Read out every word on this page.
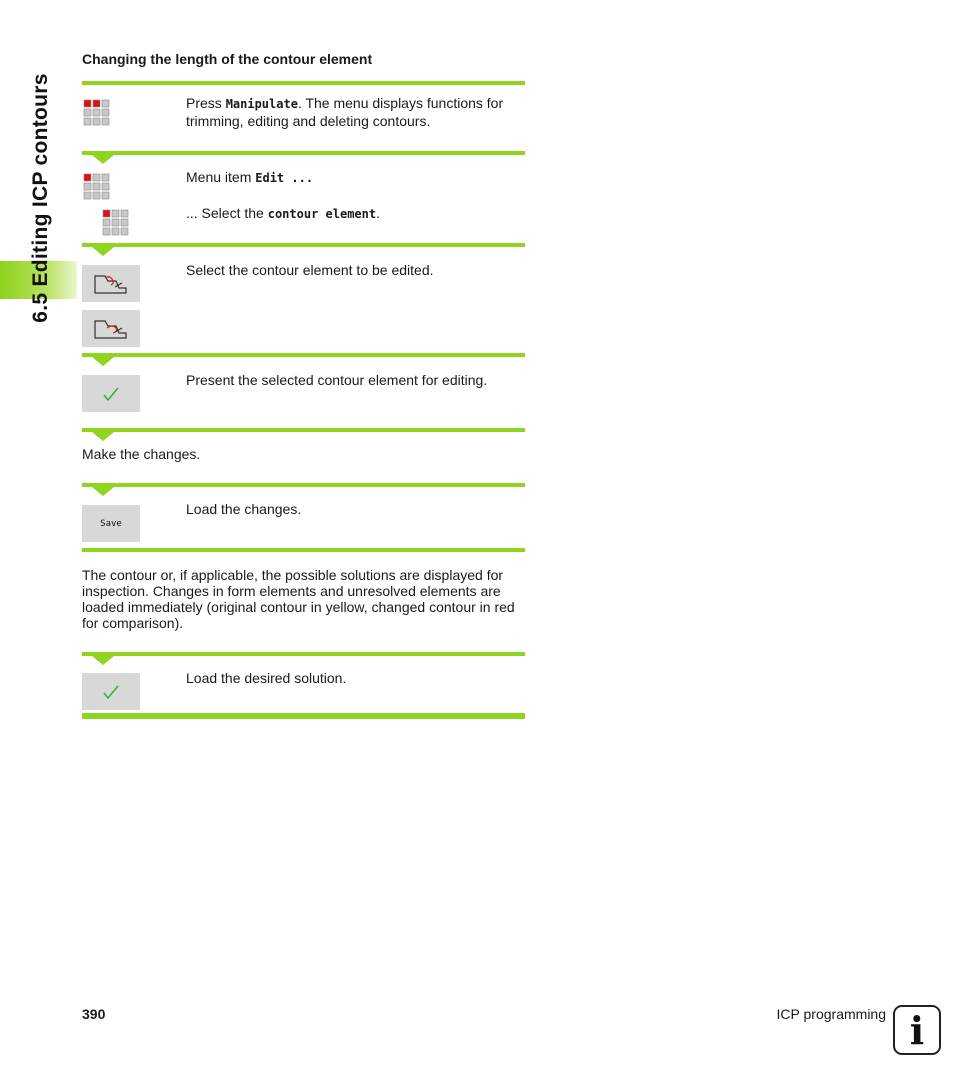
6.5 Editing ICP contours
Changing the length of the contour element
Press Manipulate. The menu displays functions for trimming, editing and deleting contours.
Menu item Edit ...
... Select the contour element.
Select the contour element to be edited.
Present the selected contour element for editing.
Make the changes.
Save
Load the changes.
The contour or, if applicable, the possible solutions are displayed for inspection. Changes in form elements and unresolved elements are loaded immediately (original contour in yellow, changed contour in red for comparison).
Load the desired solution.
390	ICP programming i
